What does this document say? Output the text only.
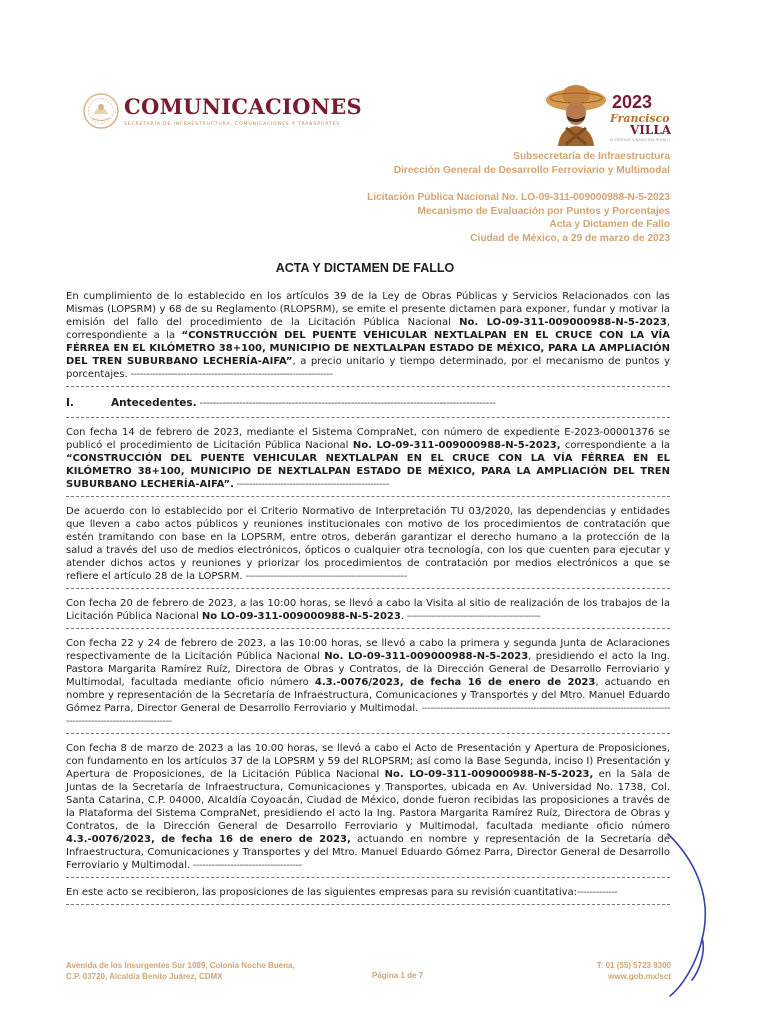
COMUNICACIONES
SECRETARÍA DE INFRAESTRUCTURA, COMUNICACIONES Y TRANSPORTES
2023
Francisco
VILLA
EL REVOLUCIONARIO DEL PUEBLO
Subsecretaría de Infraestructura
Dirección General de Desarrollo Ferroviario y Multimodal
Licitación Pública Nacional No. LO-09-311-009000988-N-5-2023
Mecanismo de Evaluación por Puntos y Porcentajes
Acta y Dictamen de Fallo
Ciudad de México, a 29 de marzo de 2023
ACTA Y DICTAMEN DE FALLO

En cumplimiento de lo establecido en los artículos 39 de la Ley de Obras Públicas y Servicios Relacionados con las Mismas (LOPSRM) y 68 de su Reglamento (RLOPSRM), se emite el presente dictamen para exponer, fundar y motivar la emisión del fallo del procedimiento de la Licitación Pública Nacional No. LO-09-311-009000988-N-5-2023, correspondiente a la “CONSTRUCCIÓN DEL PUENTE VEHICULAR NEXTLALPAN EN EL CRUCE CON LA VÍA FÉRREA EN EL KILÓMETRO 38+100, MUNICIPIO DE NEXTLALPAN ESTADO DE MÉXICO, PARA LA AMPLIACIÓN DEL TREN SUBURBANO LECHERÍA-AIFA”, a precio unitario y tiempo determinado, por el mecanismo de puntos y porcentajes. -----------------------------------------------------------------

I.	Antecedentes. ------------------------------------------------------------------------------------------

Con fecha 14 de febrero de 2023, mediante el Sistema CompraNet, con número de expediente E-2023-00001376 se publicó el procedimiento de Licitación Pública Nacional No. LO-09-311-009000988-N-5-2023, correspondiente a la “CONSTRUCCIÓN DEL PUENTE VEHICULAR NEXTLALPAN EN EL CRUCE CON LA VÍA FÉRREA EN EL KILÓMETRO 38+100, MUNICIPIO DE NEXTLALPAN ESTADO DE MÉXICO, PARA LA AMPLIACIÓN DEL TREN SUBURBANO LECHERÍA-AIFA”. -------------------------------------------------

De acuerdo con lo establecido por el Criterio Normativo de Interpretación TU 03/2020, las dependencias y entidades que lleven a cabo actos públicos y reuniones institucionales con motivo de los procedimientos de contratación que estén tramitando con base en la LOPSRM, entre otros, deberán garantizar el derecho humano a la protección de la salud a través del uso de medios electrónicos, ópticos o cualquier otra tecnología, con los que cuenten para ejecutar y atender dichos actos y reuniones y priorizar los procedimientos de contratación por medios electrónicos a que se refiere el artículo 28 de la LOPSRM. ----------------------------------------------------

Con fecha 20 de febrero de 2023, a las 10:00 horas, se llevó a cabo la Visita al sitio de realización de los trabajos de la Licitación Pública Nacional No LO-09-311-009000988-N-5-2023. -------------------------------------------

Con fecha 22 y 24 de febrero de 2023, a las 10:00 horas, se llevó a cabo la primera y segunda Junta de Aclaraciones respectivamente de la Licitación Pública Nacional No. LO-09-311-009000988-N-5-2023, presidiendo el acto la Ing. Pastora Margarita Ramírez Ruíz, Directora de Obras y Contratos, de la Dirección General de Desarrollo Ferroviario y Multimodal, facultada mediante oficio número 4.3.-0076/2023, de fecha 16 de enero de 2023, actuando en nombre y representación de la Secretaría de Infraestructura, Comunicaciones y Transportes y del Mtro. Manuel Eduardo Gómez Parra, Director General de Desarrollo Ferroviario y Multimodal. ------------------------------------------------------------------------------------------------------------------

Con fecha 8 de marzo de 2023 a las 10.00 horas, se llevó a cabo el Acto de Presentación y Apertura de Proposiciones, con fundamento en los artículos 37 de la LOPSRM y 59 del RLOPSRM; así como la Base Segunda, inciso I) Presentación y Apertura de Proposiciones, de la Licitación Pública Nacional No. LO-09-311-009000988-N-5-2023, en la Sala de Juntas de la Secretaría de Infraestructura, Comunicaciones y Transportes, ubicada en Av. Universidad No. 1738, Col. Santa Catarina, C.P. 04000, Alcaldía Coyoacán, Ciudad de México, donde fueron recibidas las proposiciones a través de la Plataforma del Sistema CompraNet, presidiendo el acto la Ing. Pastora Margarita Ramírez Ruíz, Directora de Obras y Contratos, de la Dirección General de Desarrollo Ferroviario y Multimodal, facultada mediante oficio número 4.3.-0076/2023, de fecha 16 de enero de 2023, actuando en nombre y representación de la Secretaría de Infraestructura, Comunicaciones y Transportes y del Mtro. Manuel Eduardo Gómez Parra, Director General de Desarrollo Ferroviario y Multimodal. -----------------------------------

En este acto se recibieron, las proposiciones de las siguientes empresas para su revisión cuantitativa:-------------

Avenida de los Insurgentes Sur 1089, Colonia Noche Buena,
C.P. 03720, Alcaldía Benito Juárez, CDMX	Página 1 de 7
T: 01 (55) 5723 9300
www.gob.mx/sct
